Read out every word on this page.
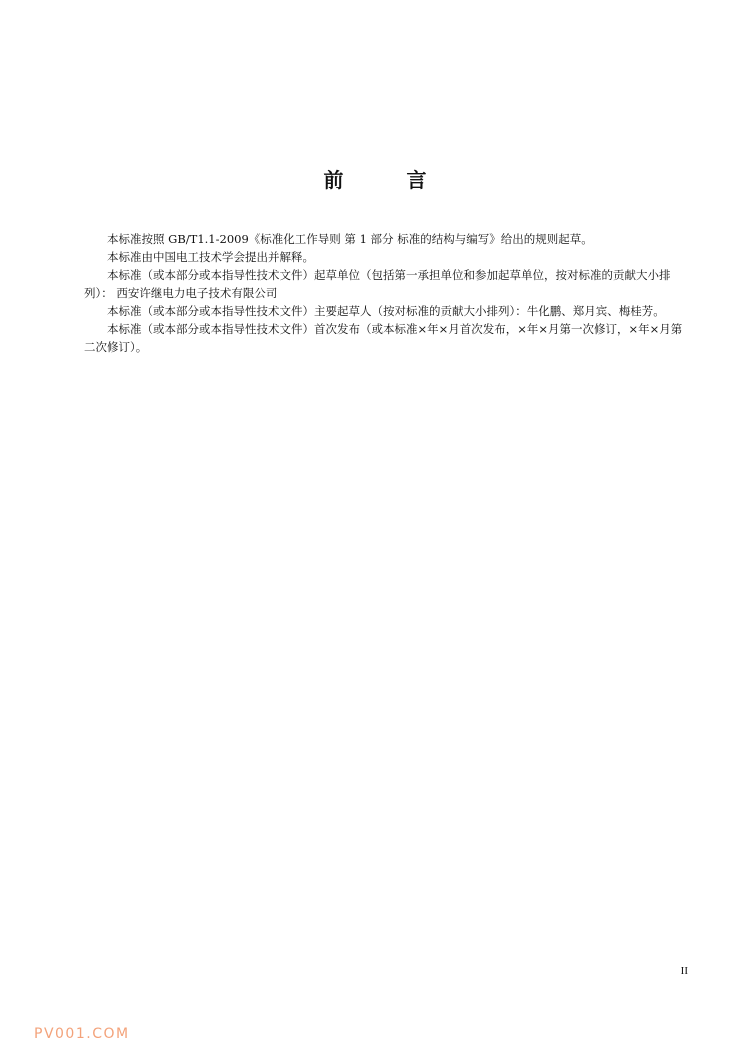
前 言

本标准按照 GB/T1.1-2009《标准化工作导则 第 1 部分 标准的结构与编写》给出的规则起草。

本标准由中国电工技术学会提出并解释。

本标准（或本部分或本指导性技术文件）起草单位（包括第一承担单位和参加起草单位，按对标准的贡献大小排列）： 西安许继电力电子技术有限公司

本标准（或本部分或本指导性技术文件）主要起草人（按对标准的贡献大小排列）：牛化鹏、郑月宾、梅桂芳。

本标准（或本部分或本指导性技术文件）首次发布（或本标准×年×月首次发布，×年×月第一次修订，×年×月第二次修订）。

II
PV001.COM
